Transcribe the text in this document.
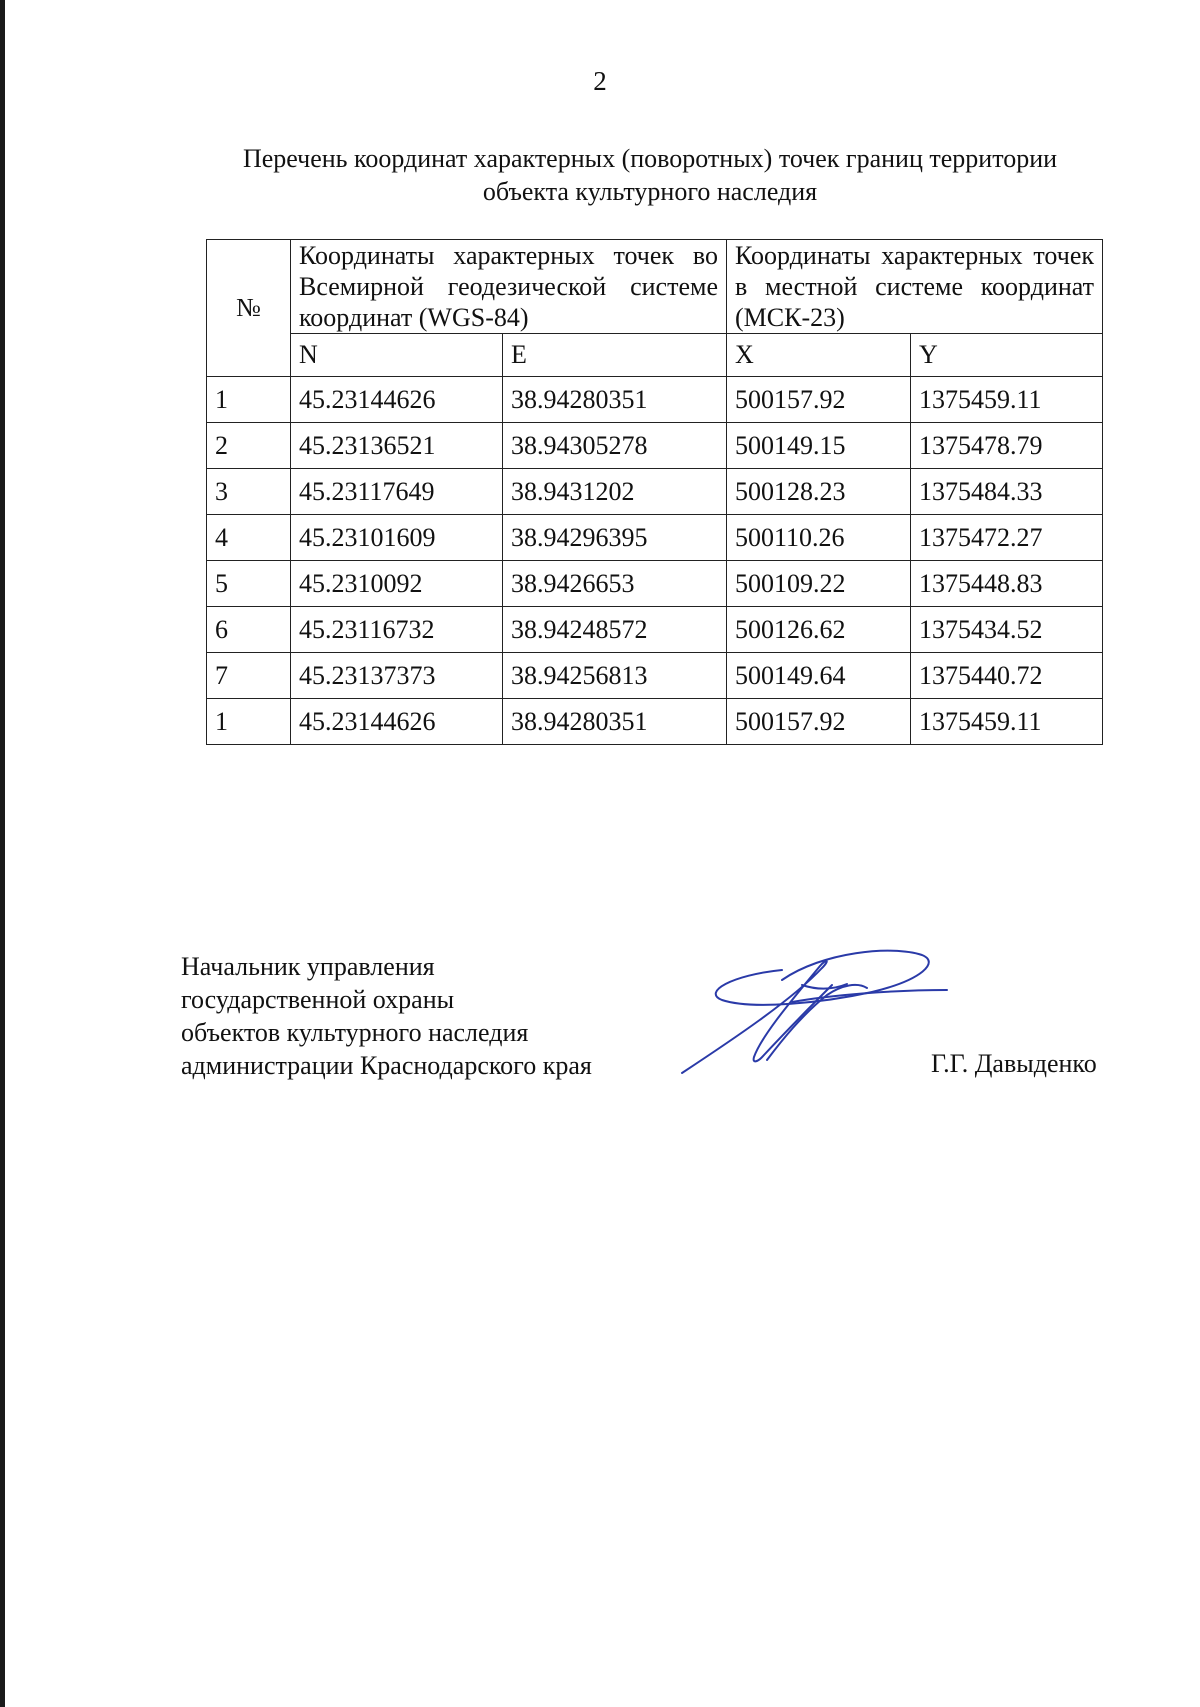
2
Перечень координат характерных (поворотных) точек границ территории
объекта культурного наследия
№	Координаты характерных точек во Всемирной геодезической системе координат (WGS-84)		Координаты характерных точек в местной системе координат (МСК-23)	
	N	E	X	Y
1	45.23144626	38.94280351	500157.92	1375459.11
2	45.23136521	38.94305278	500149.15	1375478.79
3	45.23117649	38.9431202	500128.23	1375484.33
4	45.23101609	38.94296395	500110.26	1375472.27
5	45.2310092	38.9426653	500109.22	1375448.83
6	45.23116732	38.94248572	500126.62	1375434.52
7	45.23137373	38.94256813	500149.64	1375440.72
1	45.23144626	38.94280351	500157.92	1375459.11
Начальник управления
государственной охраны
объектов культурного наследия
администрации Краснодарского края	Г.Г. Давыденко
